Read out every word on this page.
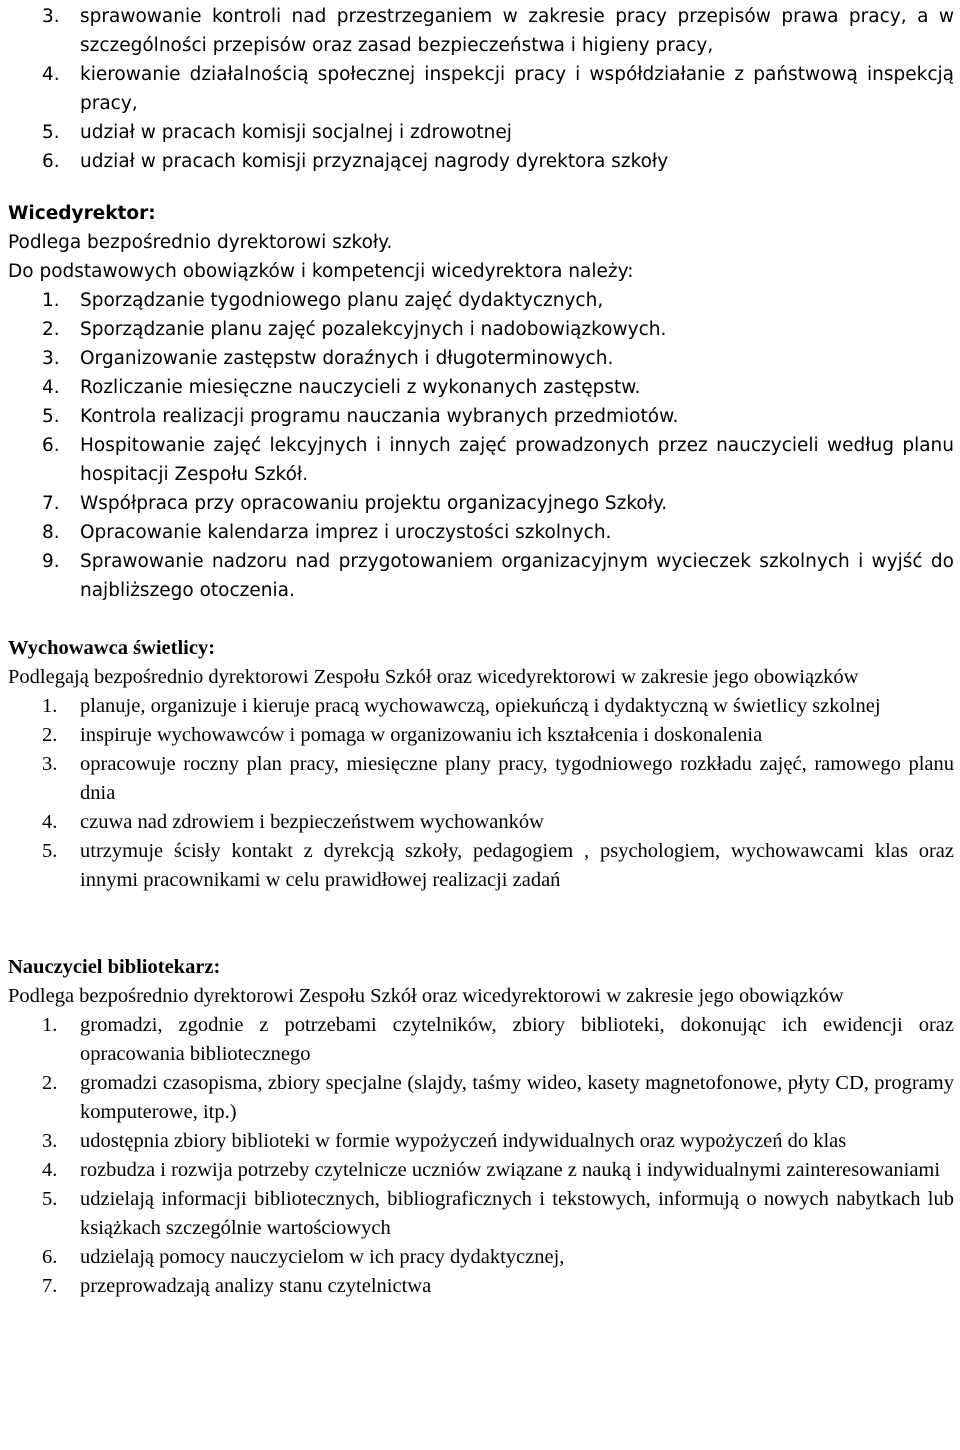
3.	sprawowanie kontroli nad przestrzeganiem w zakresie pracy przepisów prawa pracy, a w szczególności przepisów oraz zasad bezpieczeństwa i higieny pracy,
4.	kierowanie działalnością społecznej inspekcji pracy i współdziałanie z państwową inspekcją pracy,
5.	udział w pracach komisji socjalnej i zdrowotnej
6.	udział w pracach komisji przyznającej nagrody dyrektora szkoły

Wicedyrektor:

Podlega bezpośrednio dyrektorowi szkoły.

Do podstawowych obowiązków i kompetencji wicedyrektora należy:

1.	Sporządzanie tygodniowego planu zajęć dydaktycznych,
2.	Sporządzanie planu zajęć pozalekcyjnych i nadobowiązkowych.
3.	Organizowanie zastępstw doraźnych i długoterminowych.
4.	Rozliczanie miesięczne nauczycieli z wykonanych zastępstw.
5.	Kontrola realizacji programu nauczania wybranych przedmiotów.
6.	Hospitowanie zajęć lekcyjnych i innych zajęć prowadzonych przez nauczycieli według planu hospitacji Zespołu Szkół.
7.	Współpraca przy opracowaniu projektu organizacyjnego Szkoły.
8.	Opracowanie kalendarza imprez i uroczystości szkolnych.
9.	Sprawowanie nadzoru nad przygotowaniem organizacyjnym wycieczek szkolnych i wyjść do najbliższego otoczenia.

Wychowawca świetlicy:

Podlegają bezpośrednio dyrektorowi Zespołu Szkół oraz wicedyrektorowi w zakresie jego obowiązków

1.	planuje, organizuje i kieruje pracą wychowawczą, opiekuńczą i dydaktyczną w świetlicy szkolnej
2.	inspiruje wychowawców i pomaga w organizowaniu ich kształcenia i doskonalenia
3.	opracowuje roczny plan pracy, miesięczne plany pracy, tygodniowego rozkładu zajęć, ramowego planu dnia
4.	czuwa nad zdrowiem i bezpieczeństwem wychowanków
5.	utrzymuje ścisły kontakt z dyrekcją szkoły, pedagogiem , psychologiem, wychowawcami klas oraz innymi pracownikami w celu prawidłowej realizacji zadań

Nauczyciel bibliotekarz:

Podlega bezpośrednio dyrektorowi Zespołu Szkół oraz wicedyrektorowi w zakresie jego obowiązków

1.	gromadzi, zgodnie z potrzebami czytelników, zbiory biblioteki, dokonując ich ewidencji oraz opracowania bibliotecznego
2.	gromadzi czasopisma, zbiory specjalne (slajdy, taśmy wideo, kasety magnetofonowe, płyty CD, programy komputerowe, itp.)
3.	udostępnia zbiory biblioteki w formie wypożyczeń indywidualnych oraz wypożyczeń do klas
4.	rozbudza i rozwija potrzeby czytelnicze uczniów związane z nauką i indywidualnymi zainteresowaniami
5.	udzielają informacji bibliotecznych, bibliograficznych i tekstowych, informują o nowych nabytkach lub książkach szczególnie wartościowych
6.	udzielają pomocy nauczycielom w ich pracy dydaktycznej,
7.	przeprowadzają analizy stanu czytelnictwa
